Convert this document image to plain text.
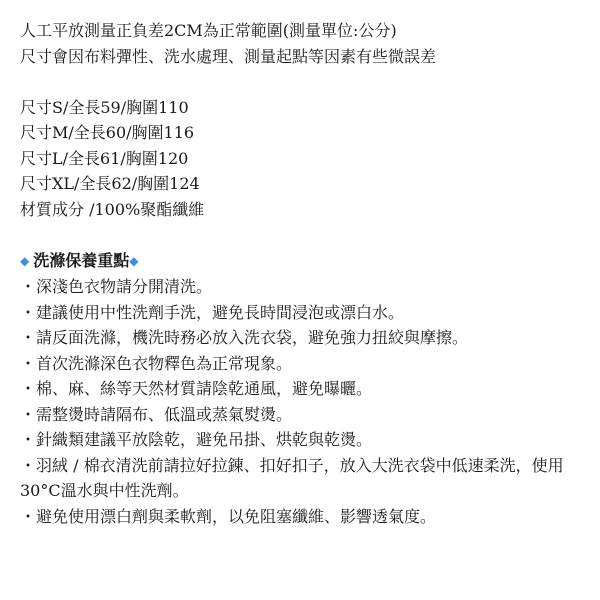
人工平放測量正負差2CM為正常範圍(測量單位:公分)
尺寸會因布料彈性、洗水處理、測量起點等因素有些微誤差
尺寸S/全長59/胸圍110
尺寸M/全長60/胸圍116
尺寸L/全長61/胸圍120
尺寸XL/全長62/胸圍124
材質成分 /100%聚酯纖維
◆ 洗滌保養重點◆
・深淺色衣物請分開清洗。
・建議使用中性洗劑手洗，避免長時間浸泡或漂白水。
・請反面洗滌，機洗時務必放入洗衣袋，避免強力扭絞與摩擦。
・首次洗滌深色衣物釋色為正常現象。
・棉、麻、絲等天然材質請陰乾通風，避免曝曬。
・需整燙時請隔布、低溫或蒸氣熨燙。
・針織類建議平放陰乾，避免吊掛、烘乾與乾燙。
・羽絨 / 棉衣清洗前請拉好拉鍊、扣好扣子，放入大洗衣袋中低速柔洗，使用30°C溫水與中性洗劑。
・避免使用漂白劑與柔軟劑，以免阻塞纖維、影響透氣度。
